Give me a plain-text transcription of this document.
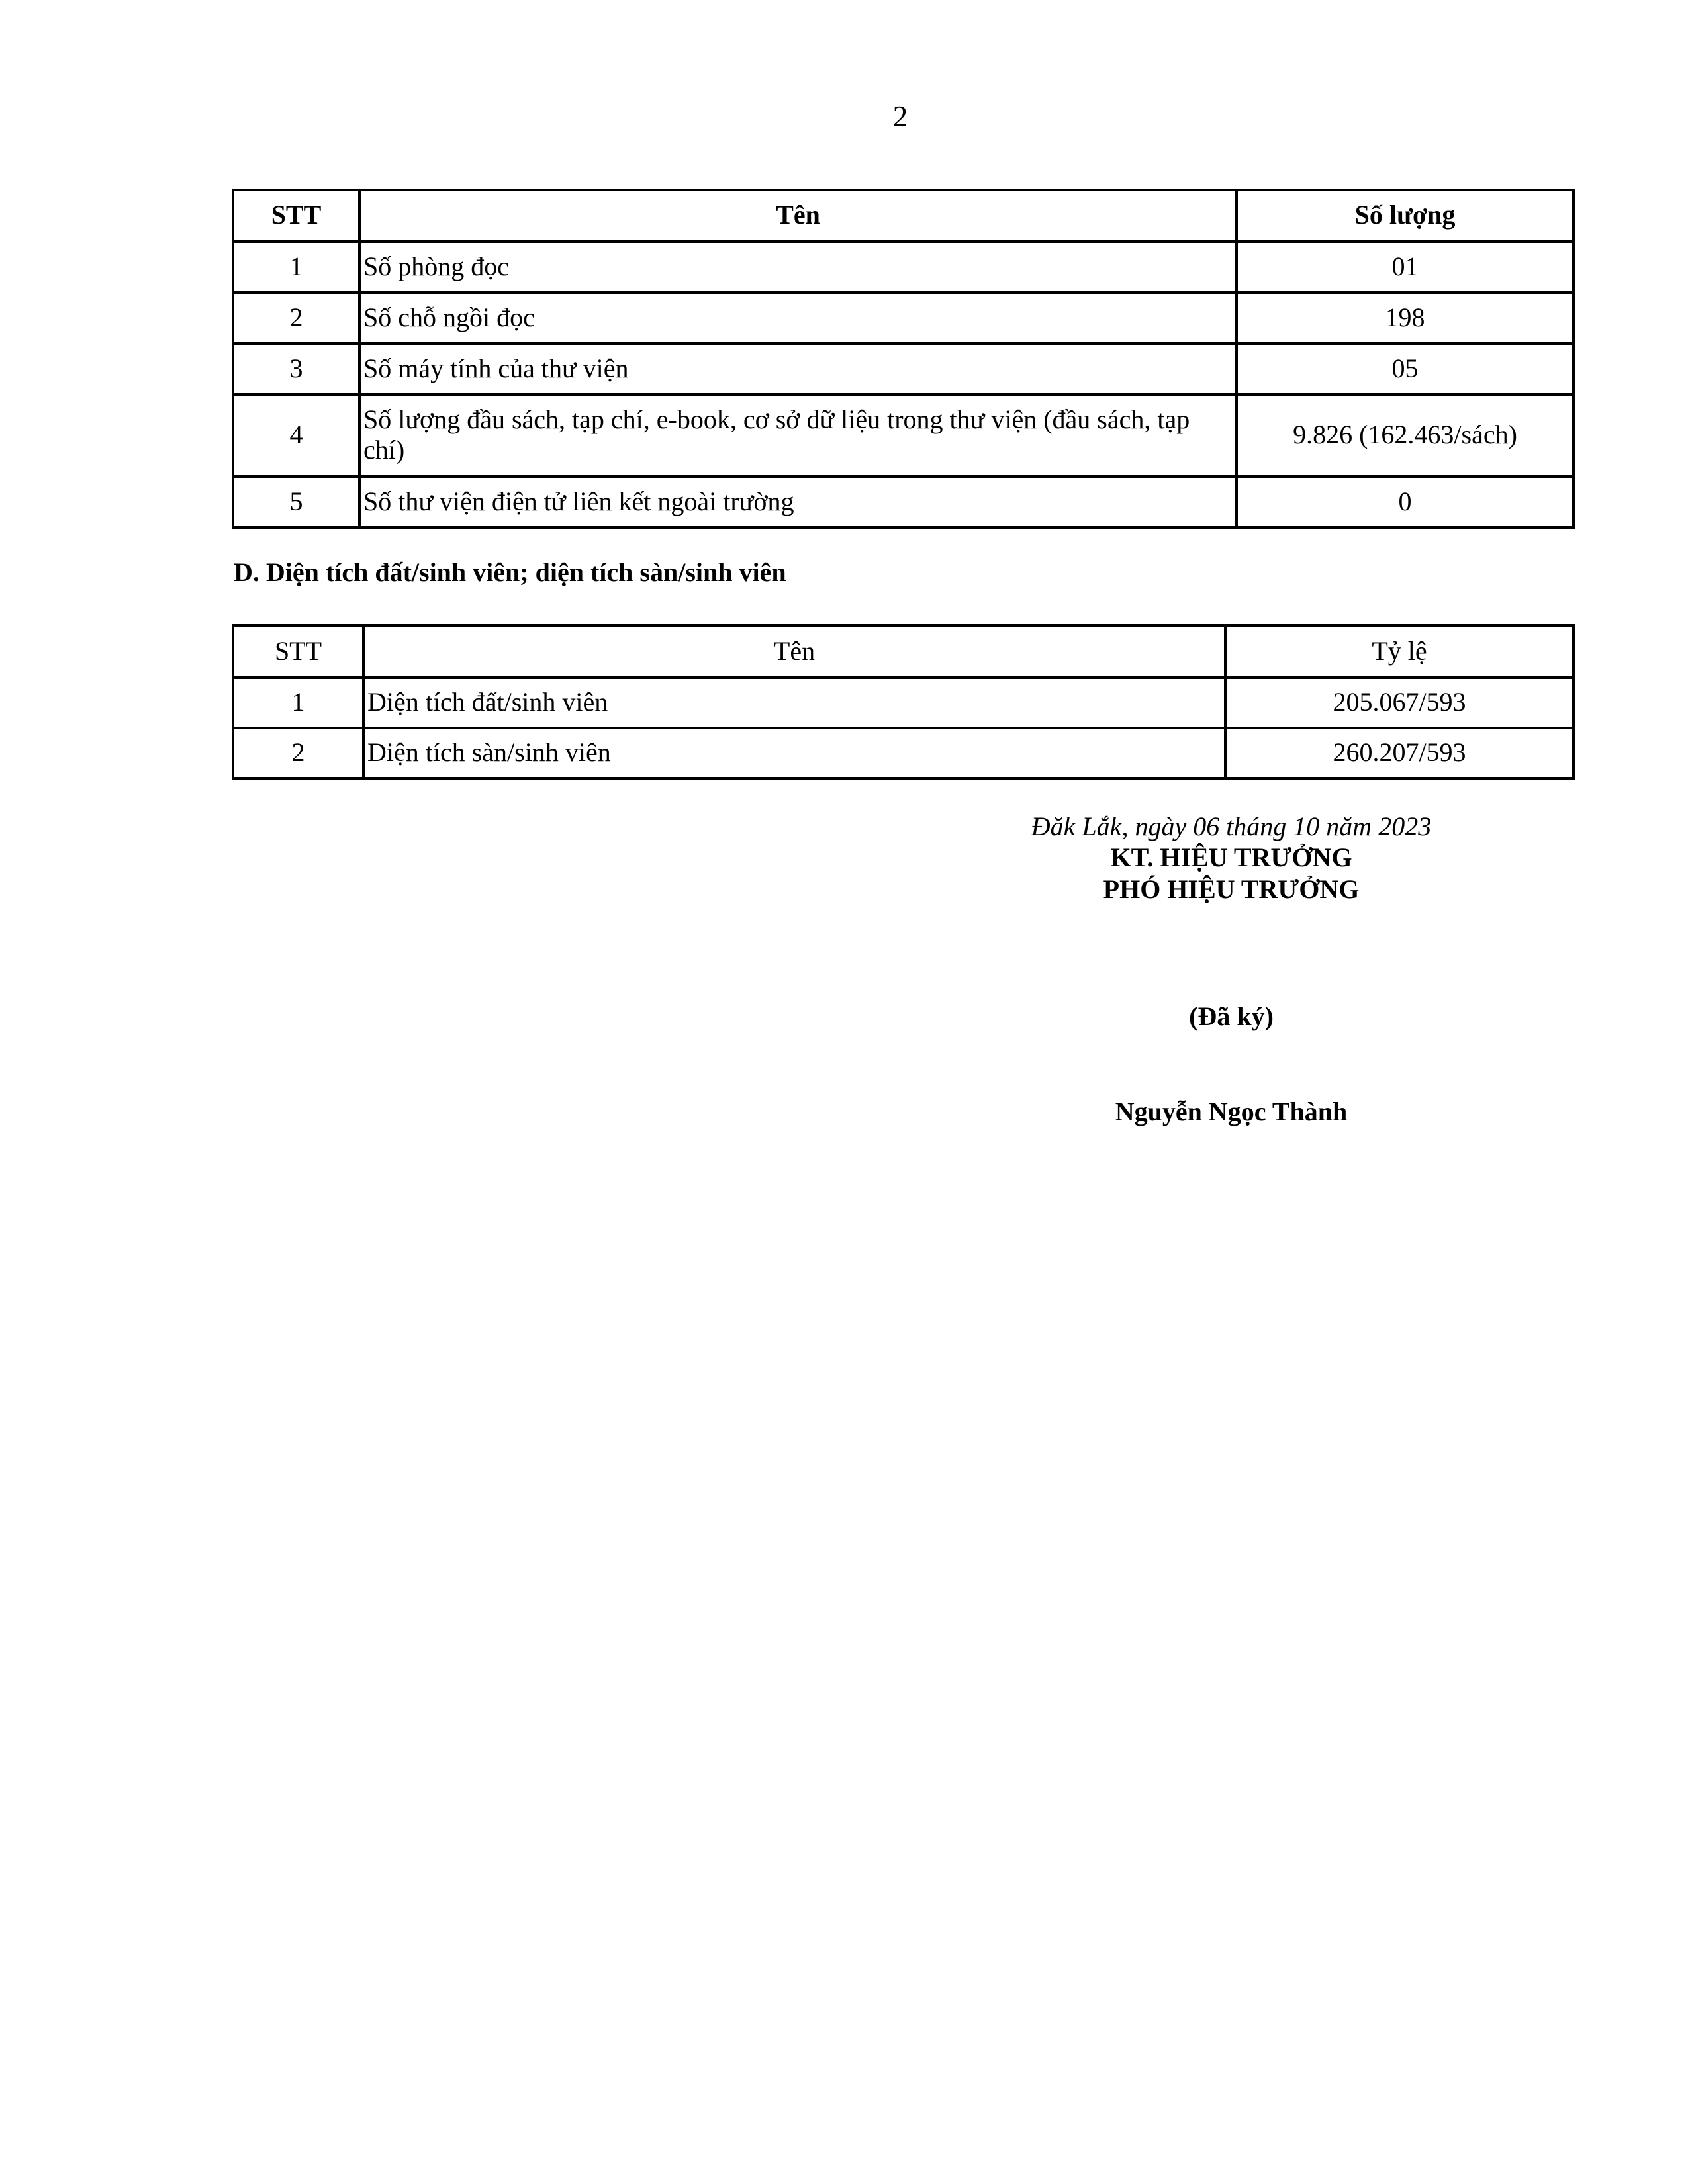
2
STT	Tên	Số lượng

1	Số phòng đọc	01

2	Số chỗ ngồi đọc	198

3	Số máy tính của thư viện	05

4	Số lượng đầu sách, tạp chí, e-book, cơ sở dữ liệu trong thư viện (đầu sách, tạp chí)	9.826 (162.463/sách)

5	Số thư viện điện tử liên kết ngoài trường	0
D. Diện tích đất/sinh viên; diện tích sàn/sinh viên
STT	Tên	Tỷ lệ

1	Diện tích đất/sinh viên	205.067/593

2	Diện tích sàn/sinh viên	260.207/593
Đăk Lắk, ngày 06 tháng 10 năm 2023
KT. HIỆU TRƯỞNG
PHÓ HIỆU TRƯỞNG
(Đã ký)
Nguyễn Ngọc Thành
